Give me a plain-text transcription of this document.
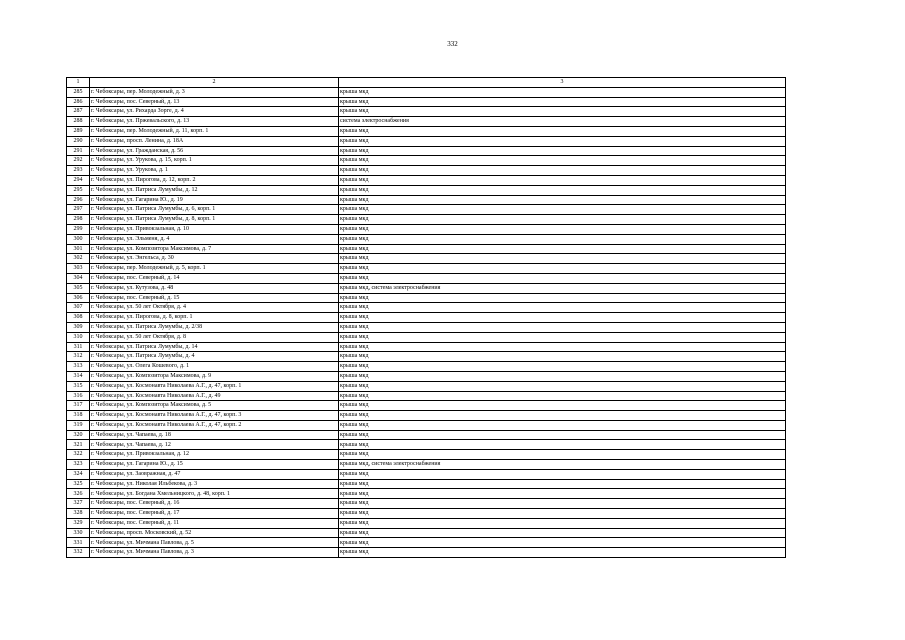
332
1	2	3
285	г. Чебоксары, пер. Молодежный, д. 3	крыша мкд
286	г. Чебоксары, пос. Северный, д. 13	крыша мкд
287	г. Чебоксары, ул. Рихарда Зорге, д. 4	крыша мкд
288	г. Чебоксары, ул. Пржевальского, д. 13	система электроснабжения
289	г. Чебоксары, пер. Молодежный, д. 11, корп. 1	крыша мкд
290	г. Чебоксары, просп. Ленина, д. 18А	крыша мкд
291	г. Чебоксары, ул. Гражданская, д. 56	крыша мкд
292	г. Чебоксары, ул. Урукова, д. 15, корп. 1	крыша мкд
293	г. Чебоксары, ул. Урукова, д. 1	крыша мкд
294	г. Чебоксары, ул. Пирогова, д. 12, корп. 2	крыша мкд
295	г. Чебоксары, ул. Патриса Лумумбы, д. 12	крыша мкд
296	г. Чебоксары, ул. Гагарина Ю., д. 19	крыша мкд
297	г. Чебоксары, ул. Патриса Лумумбы, д. 6, корп. 1	крыша мкд
298	г. Чебоксары, ул. Патриса Лумумбы, д. 8, корп. 1	крыша мкд
299	г. Чебоксары, ул. Привокзальная, д. 10	крыша мкд
300	г. Чебоксары, ул. Эльменя, д. 4	крыша мкд
301	г. Чебоксары, ул. Композитора Максимова, д. 7	крыша мкд
302	г. Чебоксары, ул. Энгельса, д. 30	крыша мкд
303	г. Чебоксары, пер. Молодежный, д. 5, корп. 1	крыша мкд
304	г. Чебоксары, пос. Северный, д. 14	крыша мкд
305	г. Чебоксары, ул. Кутузова, д. 48	крыша мкд, система электроснабжения
306	г. Чебоксары, пос. Северный, д. 15	крыша мкд
307	г. Чебоксары, ул. 50 лет Октября, д. 4	крыша мкд
308	г. Чебоксары, ул. Пирогова, д. 8, корп. 1	крыша мкд
309	г. Чебоксары, ул. Патриса Лумумбы, д. 2/38	крыша мкд
310	г. Чебоксары, ул. 50 лет Октября, д. 8	крыша мкд
311	г. Чебоксары, ул. Патриса Лумумбы, д. 14	крыша мкд
312	г. Чебоксары, ул. Патриса Лумумбы, д. 4	крыша мкд
313	г. Чебоксары, ул. Олега Кошевого, д. 1	крыша мкд
314	г. Чебоксары, ул. Композитора Максимова, д. 9	крыша мкд
315	г. Чебоксары, ул. Космонавта Николаева А.Г., д. 47, корп. 1	крыша мкд
316	г. Чебоксары, ул. Космонавта Николаева А.Г., д. 49	крыша мкд
317	г. Чебоксары, ул. Композитора Максимова, д. 5	крыша мкд
318	г. Чебоксары, ул. Космонавта Николаева А.Г., д. 47, корп. 3	крыша мкд
319	г. Чебоксары, ул. Космонавта Николаева А.Г., д. 47, корп. 2	крыша мкд
320	г. Чебоксары, ул. Чапаева, д. 18	крыша мкд
321	г. Чебоксары, ул. Чапаева, д. 12	крыша мкд
322	г. Чебоксары, ул. Привокзальная, д. 12	крыша мкд
323	г. Чебоксары, ул. Гагарина Ю., д. 15	крыша мкд, система электроснабжения
324	г. Чебоксары, ул. Заовражная, д. 47	крыша мкд
325	г. Чебоксары, ул. Николая Ильбекова, д. 3	крыша мкд
326	г. Чебоксары, ул. Богдана Хмельницкого, д. 48, корп. 1	крыша мкд
327	г. Чебоксары, пос. Северный, д. 16	крыша мкд
328	г. Чебоксары, пос. Северный, д. 17	крыша мкд
329	г. Чебоксары, пос. Северный, д. 11	крыша мкд
330	г. Чебоксары, просп. Московский, д. 52	крыша мкд
331	г. Чебоксары, ул. Мичмана Павлова, д. 5	крыша мкд
332	г. Чебоксары, ул. Мичмана Павлова, д. 3	крыша мкд
